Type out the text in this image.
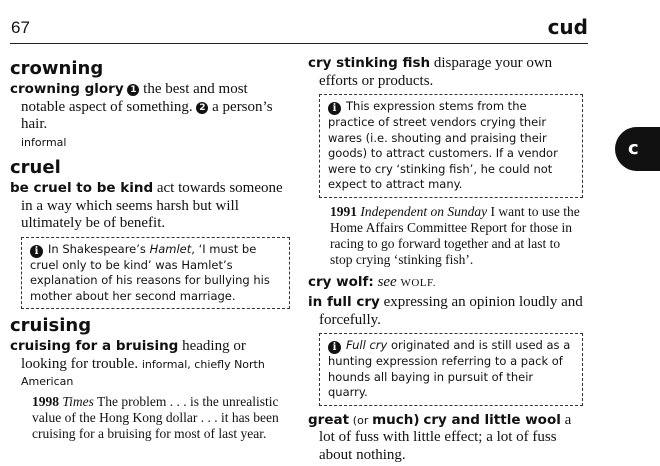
67	cud
c
crowning
crowning glory 1 the best and most notable aspect of something. 2 a person’s hair.
informal
cruel
be cruel to be kind act towards someone in a way which seems harsh but will ultimately be of benefit.
i In Shakespeare’s Hamlet, ‘I must be cruel only to be kind’ was Hamlet’s explanation of his reasons for bullying his mother about her second marriage.
cruising
cruising for a bruising heading or looking for trouble. informal, chiefly North American
1998 Times The problem . . . is the unrealistic value of the Hong Kong dollar . . . it has been cruising for a bruising for most of last year.
cry stinking fish disparage your own efforts or products.
i This expression stems from the practice of street vendors crying their wares (i.e. shouting and praising their goods) to attract customers. If a vendor were to cry ‘stinking fish’, he could not expect to attract many.
1991 Independent on Sunday I want to use the Home Affairs Committee Report for those in racing to go forward together and at last to stop crying ‘stinking fish’.
cry wolf: see WOLF.
in full cry expressing an opinion loudly and forcefully.
i Full cry originated and is still used as a hunting expression referring to a pack of hounds all baying in pursuit of their quarry.
great (or much) cry and little wool a lot of fuss with little effect; a lot of fuss about nothing.
